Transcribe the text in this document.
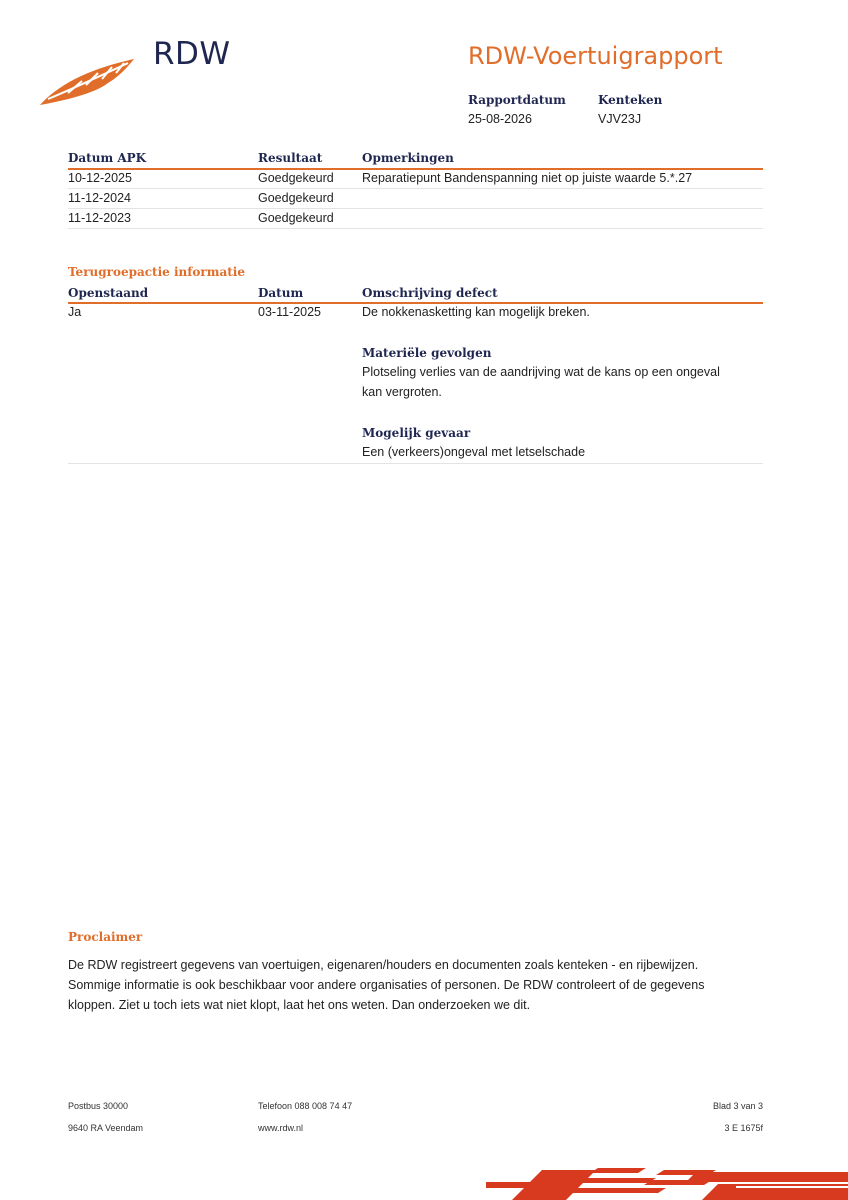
RDW	RDW-Voertuigrapport
Rapportdatum
25-08-2026
Kenteken
VJV23J
Datum APK	Resultaat	Opmerkingen
10-12-2025	Goedgekeurd Reparatiepunt Bandenspanning niet op juiste waarde 5.*.27
11-12-2024	Goedgekeurd
11-12-2023	Goedgekeurd
Terugroepactie informatie
Openstaand	Datum	Omschrijving defect
Ja	03-11-2025	De nokkenasketting kan mogelijk breken.
Materiële gevolgen
Plotseling verlies van de aandrijving wat de kans op een ongeval
kan vergroten.
Mogelijk gevaar
Een (verkeers)ongeval met letselschade
Proclaimer
De RDW registreert gegevens van voertuigen, eigenaren/houders en documenten zoals kenteken - en rijbewijzen.
Sommige informatie is ook beschikbaar voor andere organisaties of personen. De RDW controleert of de gegevens
kloppen. Ziet u toch iets wat niet klopt, laat het ons weten. Dan onderzoeken we dit.
Postbus 30000
9640 RA Veendam
Telefoon 088 008 74 47
www.rdw.nl
Blad 3 van 3
3 E 1675f
